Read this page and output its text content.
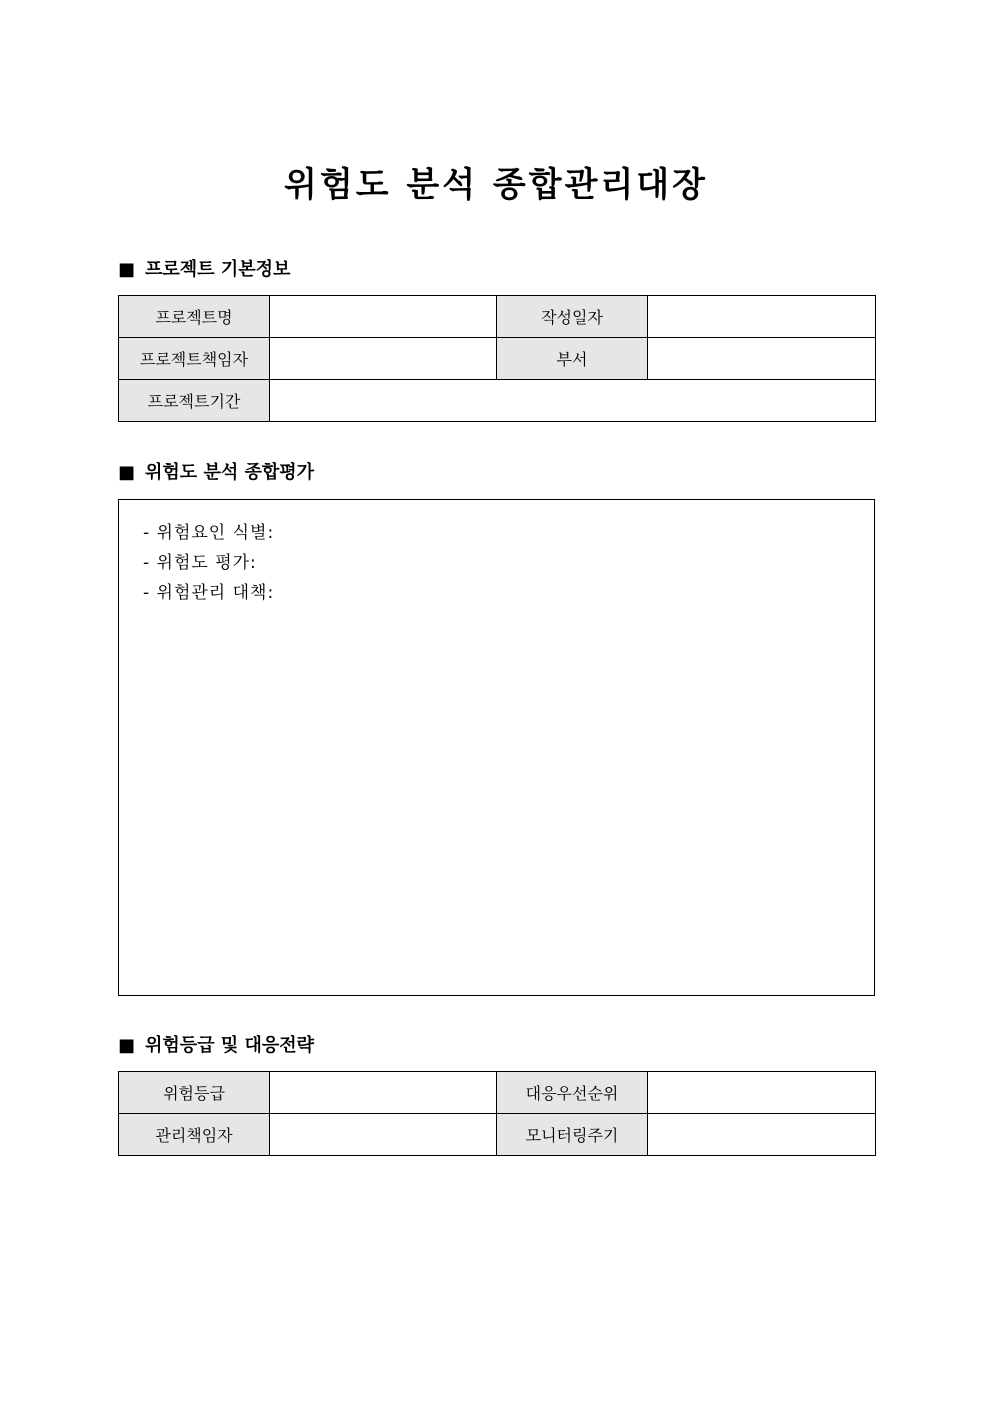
위험도 분석 종합관리대장
■ 프로젝트 기본정보
프로젝트명		작성일자	
프로젝트책임자		부서	
프로젝트기간			
■ 위험도 분석 종합평가
- 위험요인 식별:
- 위험도 평가:
- 위험관리 대책:
■ 위험등급 및 대응전략
위험등급		대응우선순위	
관리책임자		모니터링주기	
